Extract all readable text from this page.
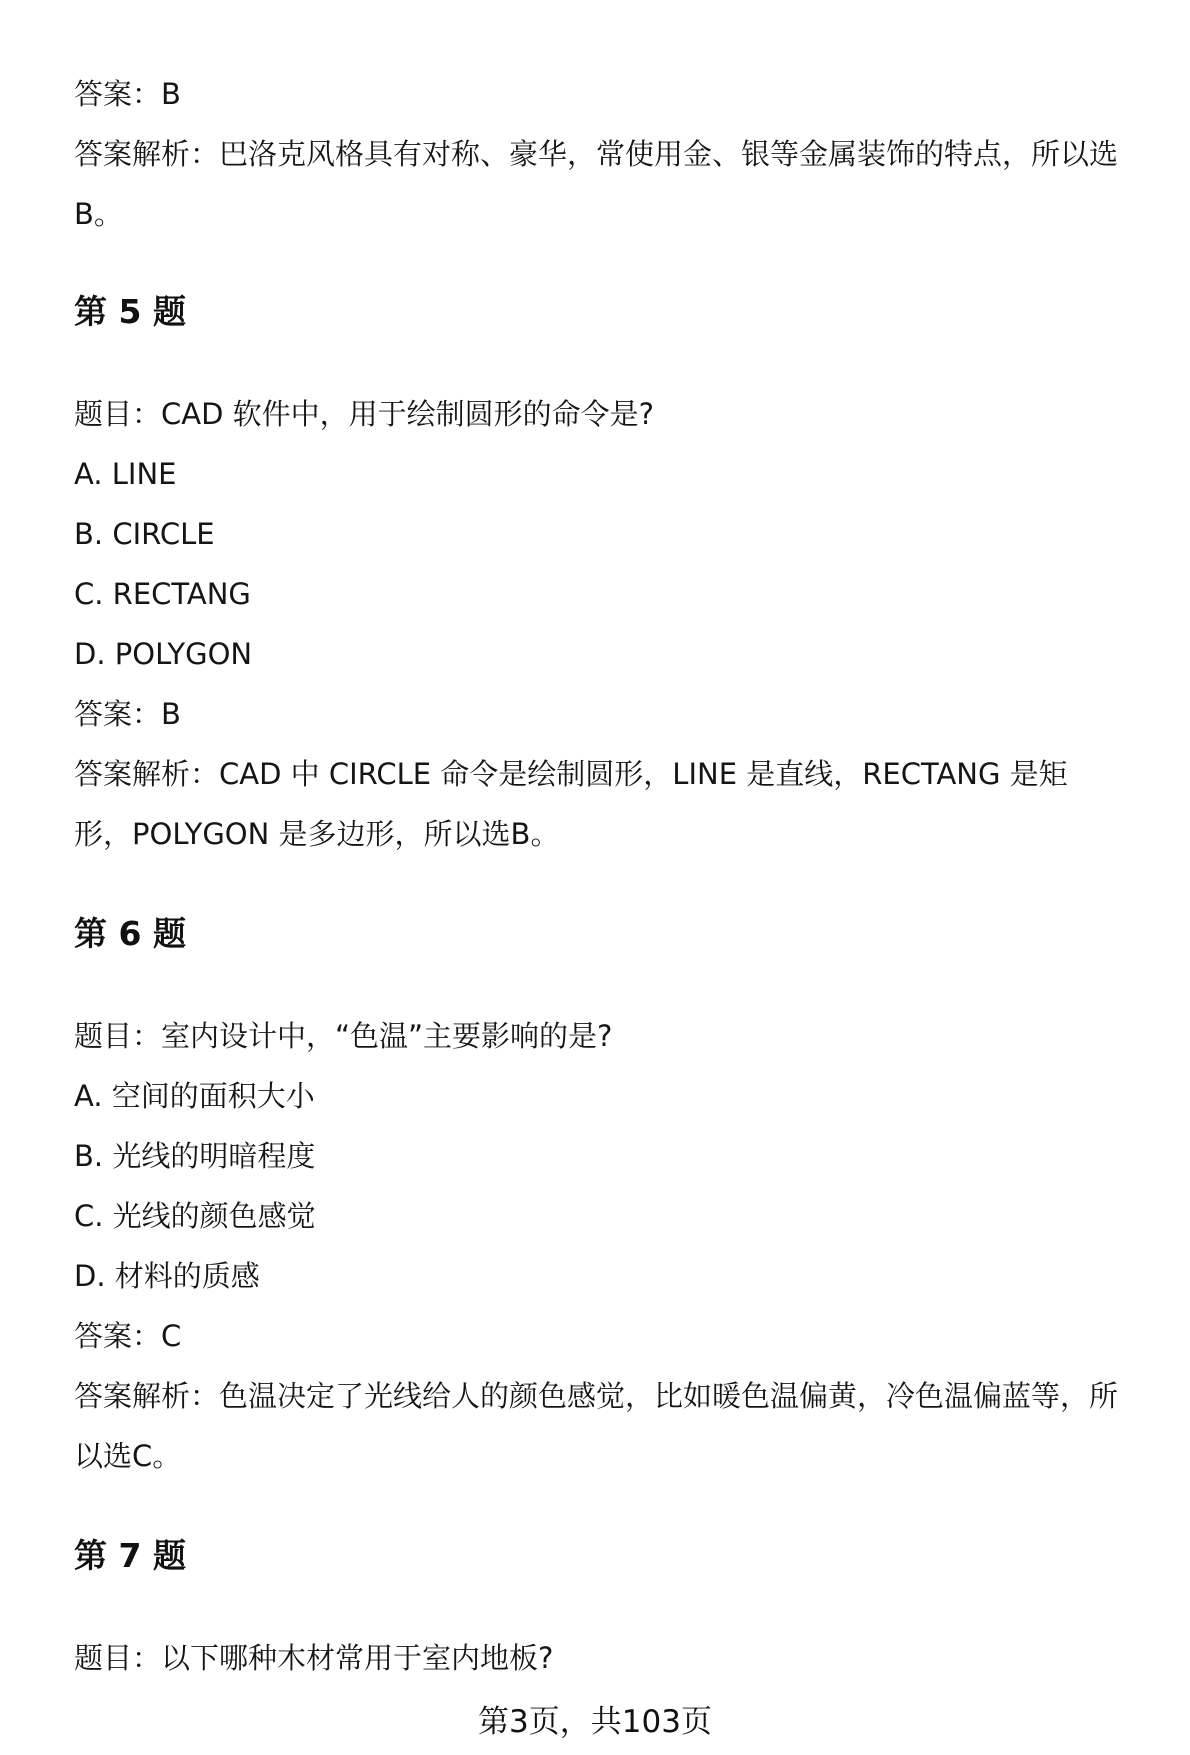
答案：B
答案解析：巴洛克风格具有对称、豪华，常使用金、银等金属装饰的特点，所以选
B。
第 5 题
题目：CAD 软件中，用于绘制圆形的命令是?
A. LINE
B. CIRCLE
C. RECTANG
D. POLYGON
答案：B
答案解析：CAD 中 CIRCLE 命令是绘制圆形，LINE 是直线，RECTANG 是矩
形，POLYGON 是多边形，所以选B。
第 6 题
题目：室内设计中，“色温”主要影响的是?
A. 空间的面积大小
B. 光线的明暗程度
C. 光线的颜色感觉
D. 材料的质感
答案：C
答案解析：色温决定了光线给人的颜色感觉，比如暖色温偏黄，冷色温偏蓝等，所
以选C。
第 7 题
题目：以下哪种木材常用于室内地板?
第3页，共103页
